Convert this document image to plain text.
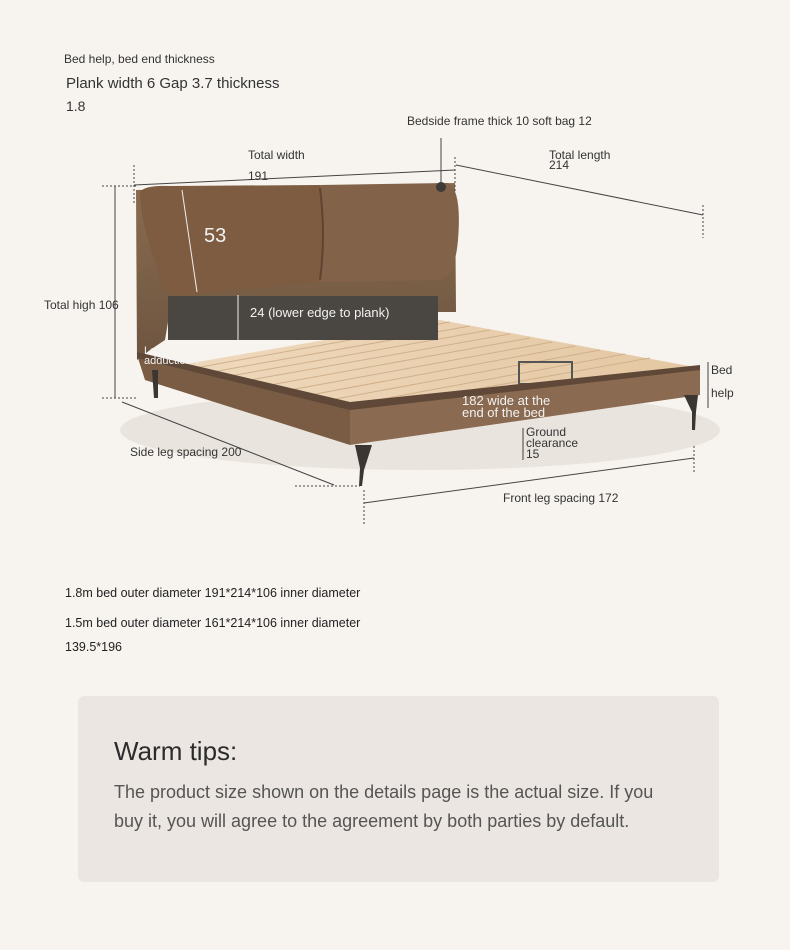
Bed help, bed end thickness
Plank width 6 Gap 3.7 thickness
1.8
Bedside frame thick 10 soft bag 12
Total width
191
Total length
214
Total high 106
53
24 (lower edge to plank)
Leg
adduction 7
Bed
help
182 wide at the
end of the bed
Ground
clearance
15
Side leg spacing 200
Front leg spacing 172
1.8m bed outer diameter 191*214*106 inner diameter
1.5m bed outer diameter 161*214*106 inner diameter
139.5*196
Warm tips:
The product size shown on the details page is the actual size. If you buy it, you will agree to the agreement by both parties by default.
